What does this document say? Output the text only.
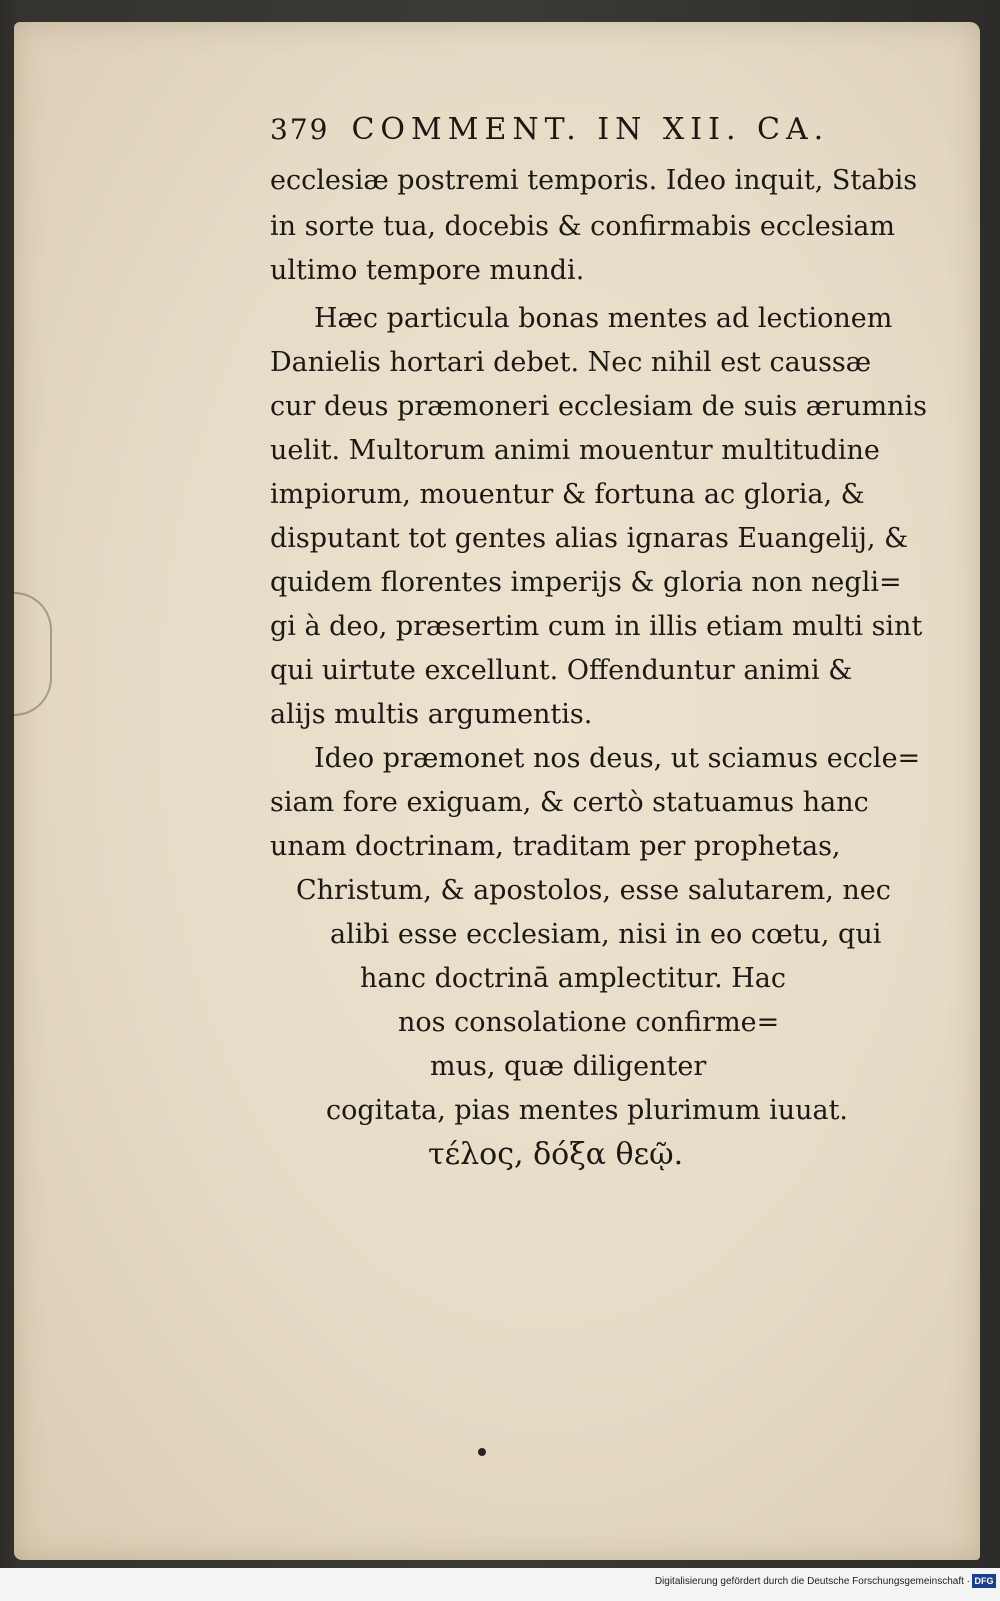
379 COMMENT. IN XII. CA.
ecclesiæ postremi temporis. Ideo inquit, Stabis
in sorte tua, docebis & confirmabis ecclesiam
ultimo tempore mundi.
Hæc particula bonas mentes ad lectionem
Danielis hortari debet. Nec nihil est caussæ
cur deus præmoneri ecclesiam de suis ærumnis
uelit. Multorum animi mouentur multitudine
impiorum, mouentur & fortuna ac gloria, &
disputant tot gentes alias ignaras Euangelij, &
quidem florentes imperijs & gloria non negli=
gi à deo, præsertim cum in illis etiam multi sint
qui uirtute excellunt. Offenduntur animi &
alijs multis argumentis.
Ideo præmonet nos deus, ut sciamus eccle=
siam fore exiguam, & certò statuamus hanc
unam doctrinam, traditam per prophetas,
Christum, & apostolos, esse salutarem, nec
alibi esse ecclesiam, nisi in eo cœtu, qui
hanc doctrinā amplectitur. Hac
nos consolatione confirme=
mus, quæ diligenter
cogitata, pias mentes plurimum iuuat.
τέλος, δόξα θεῷ.
Digitalisierung gefördert durch die Deutsche Forschungsgemeinschaft · DFG
